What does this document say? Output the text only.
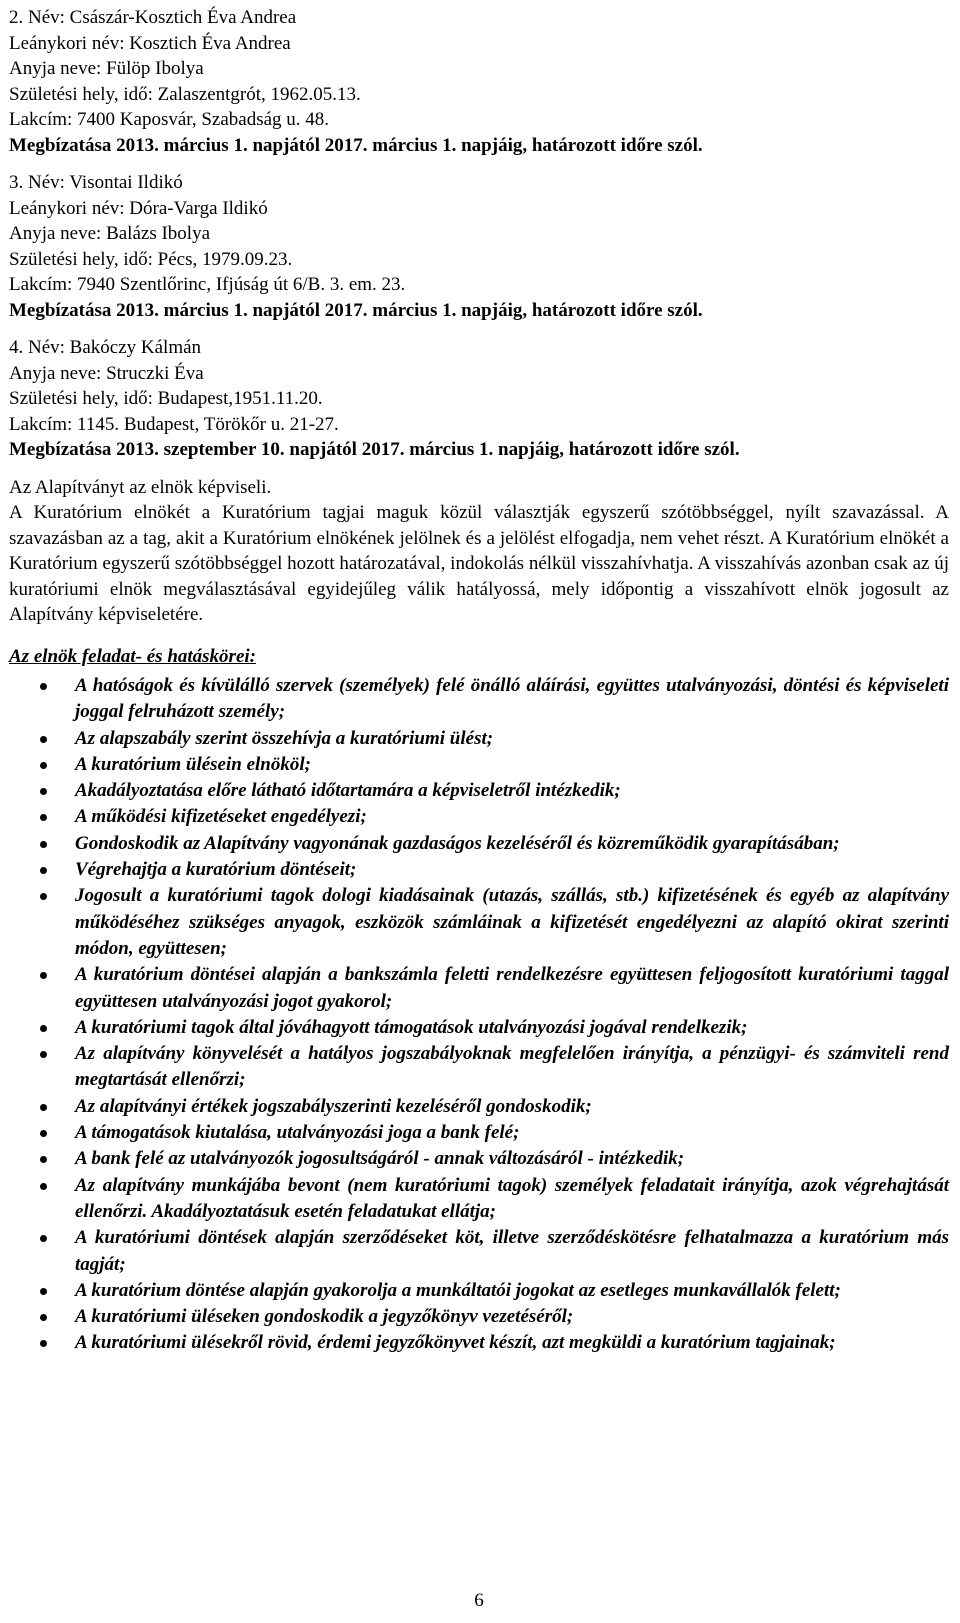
2. Név: Császár-Kosztich Éva Andrea
Leánykori név: Kosztich Éva Andrea
Anyja neve: Fülöp Ibolya
Születési hely, idő: Zalaszentgrót, 1962.05.13.
Lakcím: 7400 Kaposvár, Szabadság u. 48.
Megbízatása 2013. március 1. napjától 2017. március 1. napjáig, határozott időre szól.
3. Név: Visontai Ildikó
Leánykori név: Dóra-Varga Ildikó
Anyja neve: Balázs Ibolya
Születési hely, idő: Pécs, 1979.09.23.
Lakcím: 7940 Szentlőrinc, Ifjúság út 6/B. 3. em. 23.
Megbízatása 2013. március 1. napjától 2017. március 1. napjáig, határozott időre szól.
4. Név: Bakóczy Kálmán
Anyja neve: Struczki Éva
Születési hely, idő: Budapest,1951.11.20.
Lakcím: 1145. Budapest, Törökőr u. 21-27.
Megbízatása 2013. szeptember 10. napjától 2017. március 1. napjáig, határozott időre szól.
Az Alapítványt az elnök képviseli.

A Kuratórium elnökét a Kuratórium tagjai maguk közül választják egyszerű szótöbbséggel, nyílt szavazással. A szavazásban az a tag, akit a Kuratórium elnökének jelölnek és a jelölést elfogadja, nem vehet részt. A Kuratórium elnökét a Kuratórium egyszerű szótöbbséggel hozott határozatával, indokolás nélkül visszahívhatja. A visszahívás azonban csak az új kuratóriumi elnök megválasztásával egyidejűleg válik hatályossá, mely időpontig a visszahívott elnök jogosult az Alapítvány képviseletére.

Az elnök feladat- és hatáskörei:
A hatóságok és kívülálló szervek (személyek) felé önálló aláírási, együttes utalványozási, döntési és képviseleti joggal felruházott személy;
Az alapszabály szerint összehívja a kuratóriumi ülést;
A kuratórium ülésein elnököl;
Akadályoztatása előre látható időtartamára a képviseletről intézkedik;
A működési kifizetéseket engedélyezi;
Gondoskodik az Alapítvány vagyonának gazdaságos kezeléséről és közreműködik gyarapításában;
Végrehajtja a kuratórium döntéseit;
Jogosult a kuratóriumi tagok dologi kiadásainak (utazás, szállás, stb.) kifizetésének és egyéb az alapítvány működéséhez szükséges anyagok, eszközök számláinak a kifizetését engedélyezni az alapító okirat szerinti módon, együttesen;
A kuratórium döntései alapján a bankszámla feletti rendelkezésre együttesen feljogosított kuratóriumi taggal együttesen utalványozási jogot gyakorol;
A kuratóriumi tagok által jóváhagyott támogatások utalványozási jogával rendelkezik;
Az alapítvány könyvelését a hatályos jogszabályoknak megfelelően irányítja, a pénzügyi- és számviteli rend megtartását ellenőrzi;
Az alapítványi értékek jogszabályszerinti kezeléséről gondoskodik;
A támogatások kiutalása, utalványozási joga a bank felé;
A bank felé az utalványozók jogosultságáról - annak változásáról - intézkedik;
Az alapítvány munkájába bevont (nem kuratóriumi tagok) személyek feladatait irányítja, azok végrehajtását ellenőrzi. Akadályoztatásuk esetén feladatukat ellátja;
A kuratóriumi döntések alapján szerződéseket köt, illetve szerződéskötésre felhatalmazza a kuratórium más tagját;
A kuratórium döntése alapján gyakorolja a munkáltatói jogokat az esetleges munkavállalók felett;
A kuratóriumi üléseken gondoskodik a jegyzőkönyv vezetéséről;
A kuratóriumi ülésekről rövid, érdemi jegyzőkönyvet készít, azt megküldi a kuratórium tagjainak;
6
